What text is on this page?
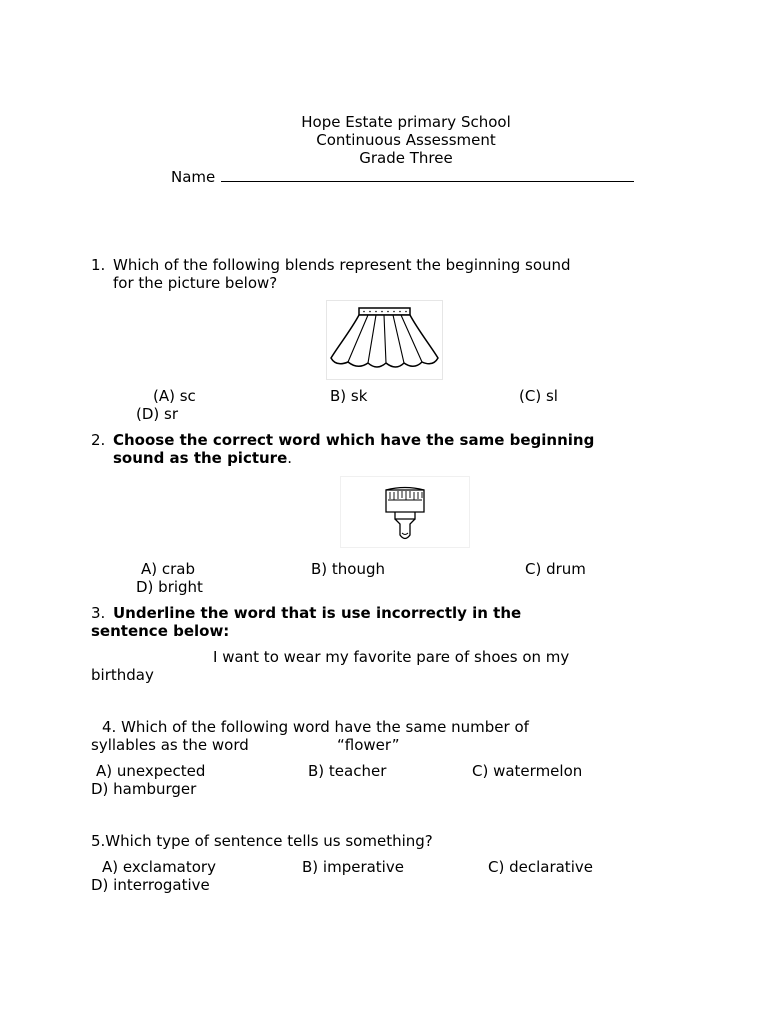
Hope Estate primary School
Continuous Assessment
Grade Three
Name
1. Which of the following blends represent the beginning sound
for the picture below?
(A) sc	B) sk	(C) sl
(D) sr
2. Choose the correct word which have the same beginning
sound as the picture.
A) crab	B) though	C) drum
D) bright
3. Underline the word that is use incorrectly in the
sentence below:
I want to wear my favorite pare of shoes on my
birthday
4. Which of the following word have the same number of
syllables as the word	“flower”
A) unexpected	B) teacher	C) watermelon
D) hamburger
5.Which type of sentence tells us something?
A) exclamatory	B) imperative	C) declarative
D) interrogative
